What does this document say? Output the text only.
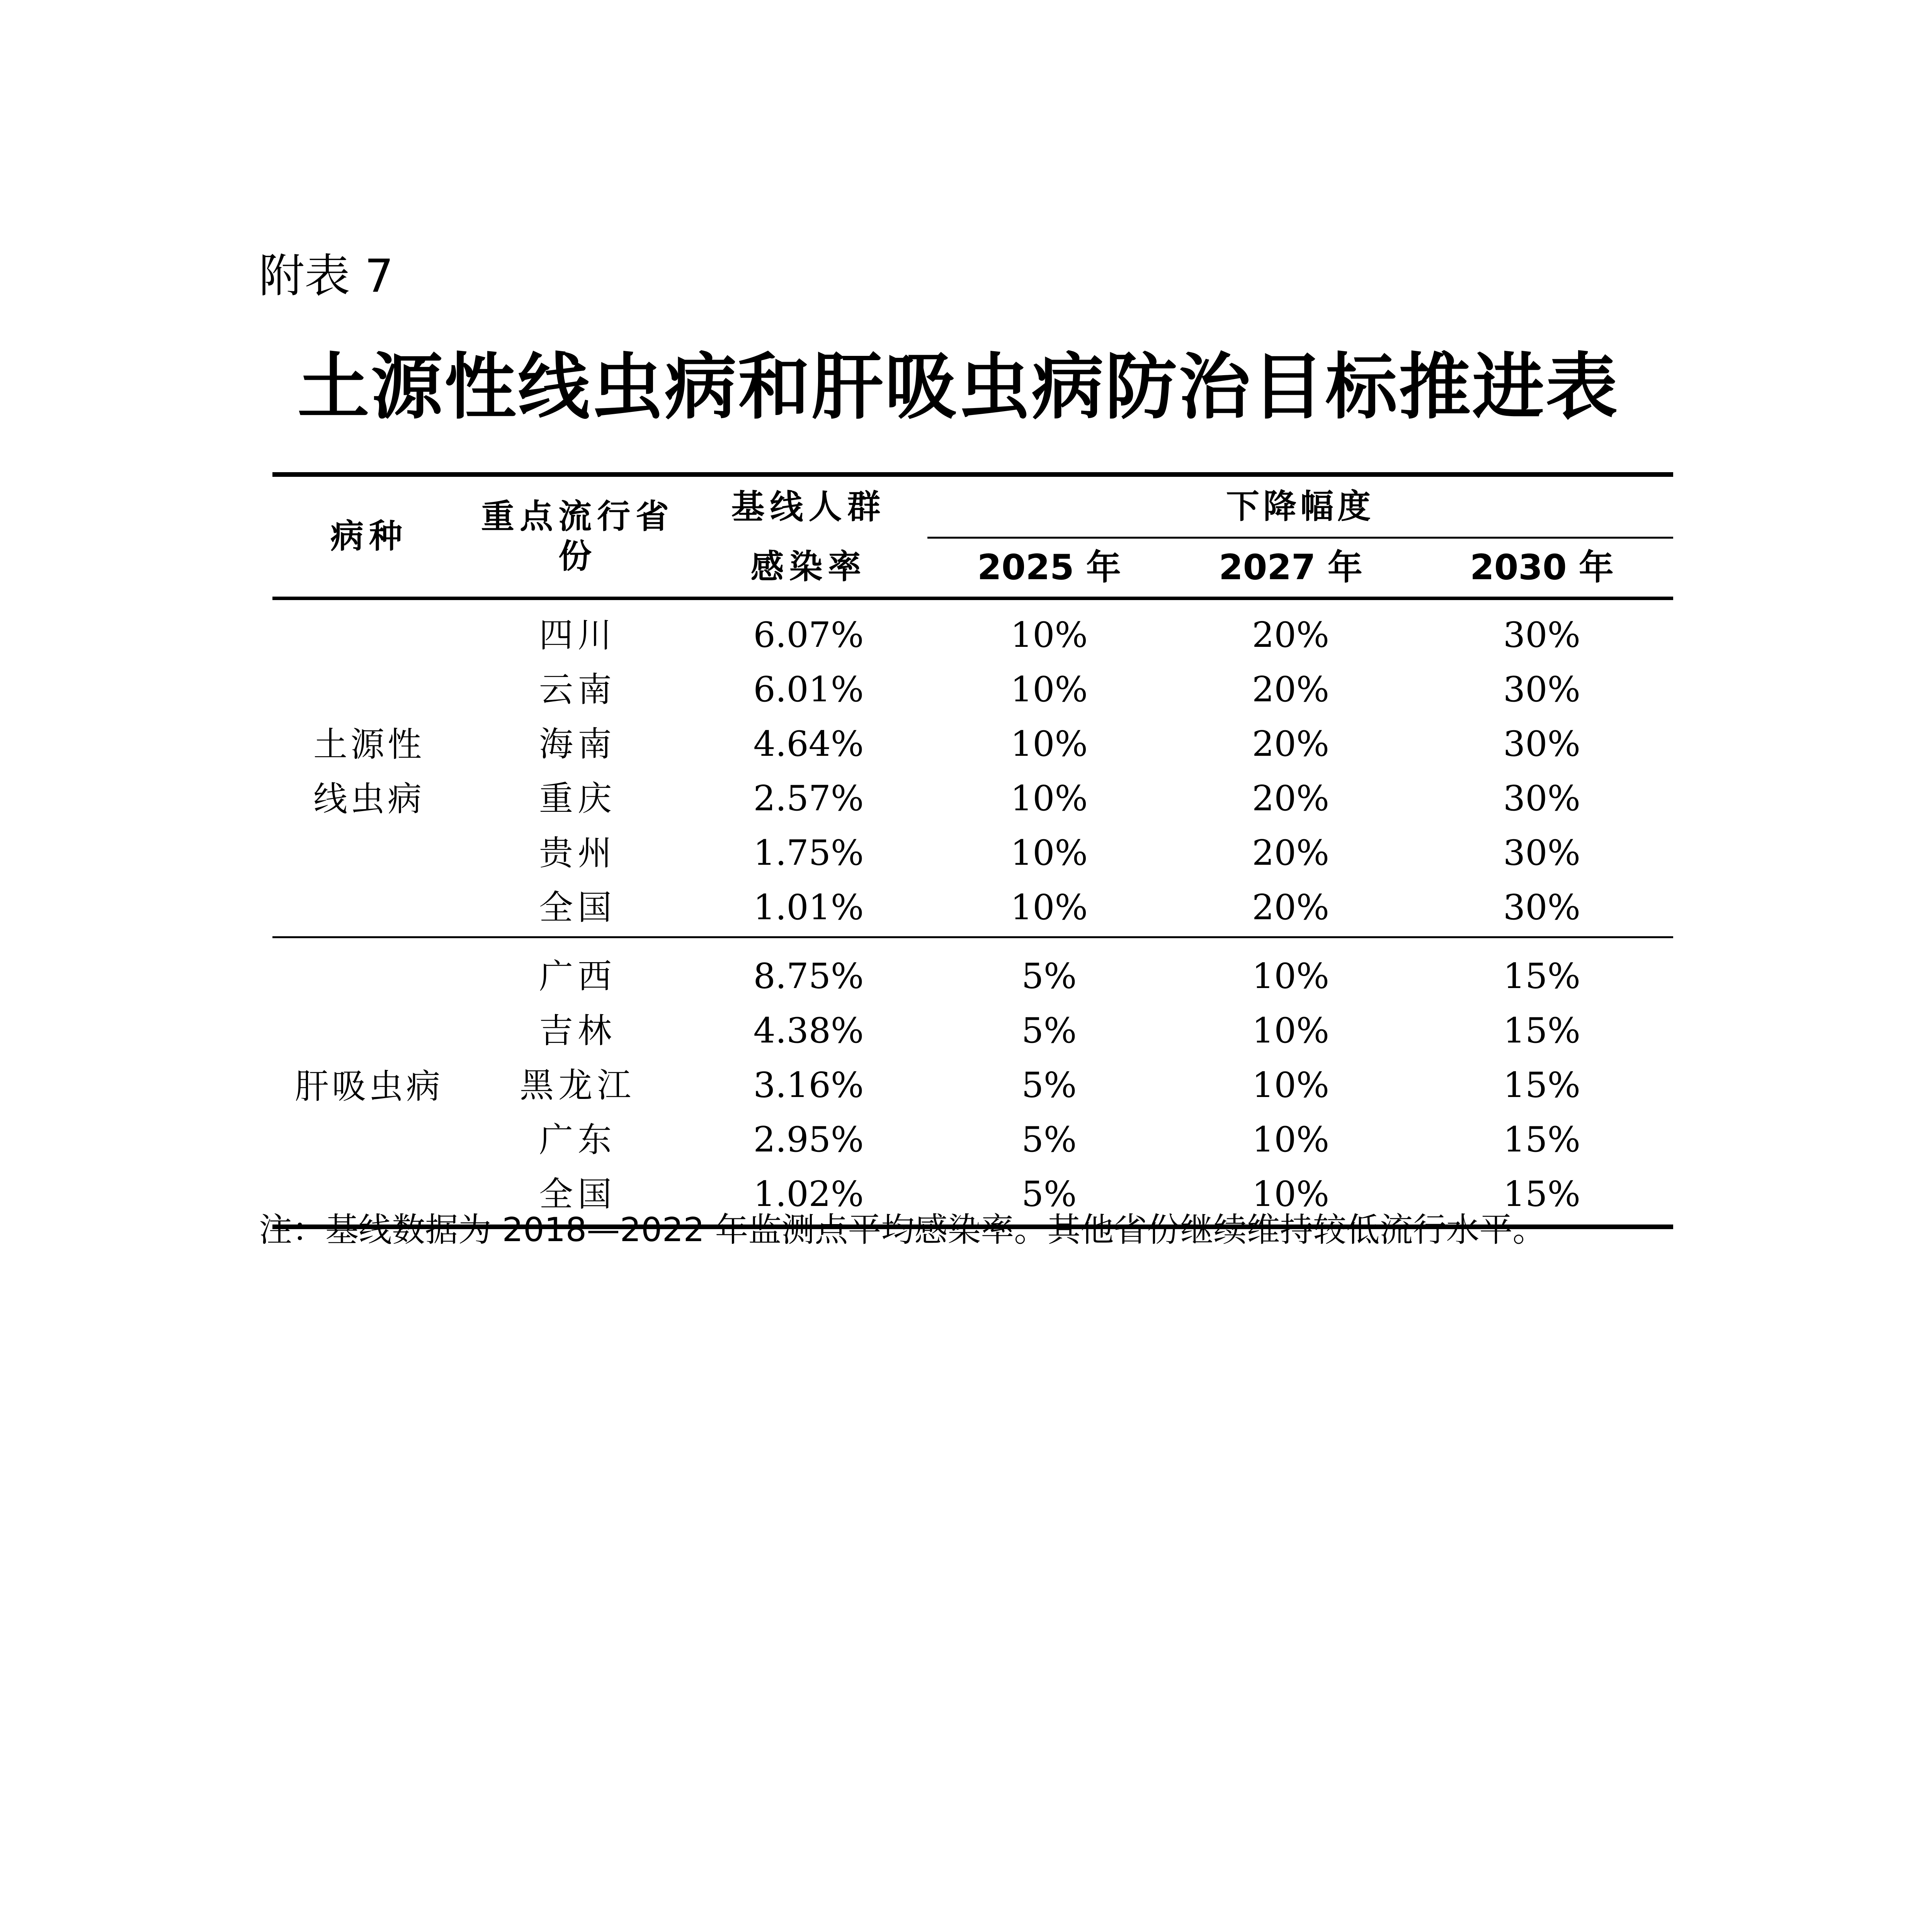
附表 7
土源性线虫病和肝吸虫病防治目标推进表
病种	重点流行省份	基线人群	下降幅度		
		感染率	2025 年	2027 年	2030 年
土源性
线虫病	四川	6.07%	10%	20%	30%
	云南	6.01%	10%	20%	30%
	海南	4.64%	10%	20%	30%
	重庆	2.57%	10%	20%	30%
	贵州	1.75%	10%	20%	30%
	全国	1.01%	10%	20%	30%
肝吸虫病	广西	8.75%	5%	10%	15%
	吉林	4.38%	5%	10%	15%
	黑龙江	3.16%	5%	10%	15%
	广东	2.95%	5%	10%	15%
	全国	1.02%	5%	10%	15%
注：基线数据为 2018—2022 年监测点平均感染率。其他省份继续维持较低流行水平。
